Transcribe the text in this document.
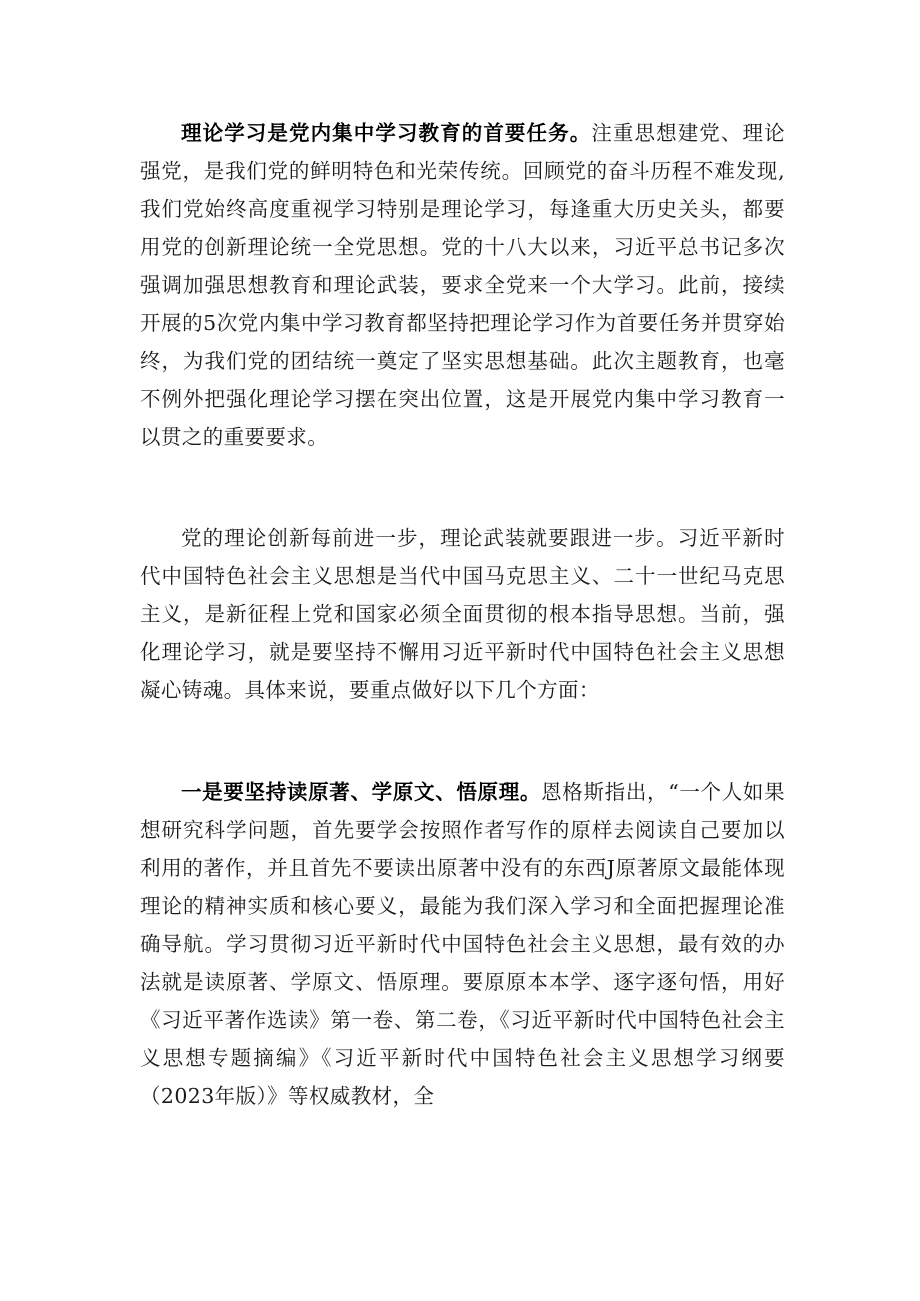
理论学习是党内集中学习教育的首要任务。注重思想建党、理论强党，是我们党的鲜明特色和光荣传统。回顾党的奋斗历程不难发现,我们党始终高度重视学习特别是理论学习，每逢重大历史关头，都要用党的创新理论统一全党思想。党的十八大以来，习近平总书记多次强调加强思想教育和理论武装，要求全党来一个大学习。此前，接续开展的5次党内集中学习教育都坚持把理论学习作为首要任务并贯穿始终，为我们党的团结统一奠定了坚实思想基础。此次主题教育，也毫不例外把强化理论学习摆在突出位置，这是开展党内集中学习教育一以贯之的重要要求。

党的理论创新每前进一步，理论武装就要跟进一步。习近平新时代中国特色社会主义思想是当代中国马克思主义、二十一世纪马克思主义，是新征程上党和国家必须全面贯彻的根本指导思想。当前，强化理论学习，就是要坚持不懈用习近平新时代中国特色社会主义思想凝心铸魂。具体来说，要重点做好以下几个方面：

一是要坚持读原著、学原文、悟原理。恩格斯指出，“一个人如果想研究科学问题，首先要学会按照作者写作的原样去阅读自己要加以利用的著作，并且首先不要读出原著中没有的东西J原著原文最能体现理论的精神实质和核心要义，最能为我们深入学习和全面把握理论准确导航。学习贯彻习近平新时代中国特色社会主义思想，最有效的办法就是读原著、学原文、悟原理。要原原本本学、逐字逐句悟，用好《习近平著作选读》第一卷、第二卷，《习近平新时代中国特色社会主义思想专题摘编》《习近平新时代中国特色社会主义思想学习纲要（2023年版）》等权威教材，全
